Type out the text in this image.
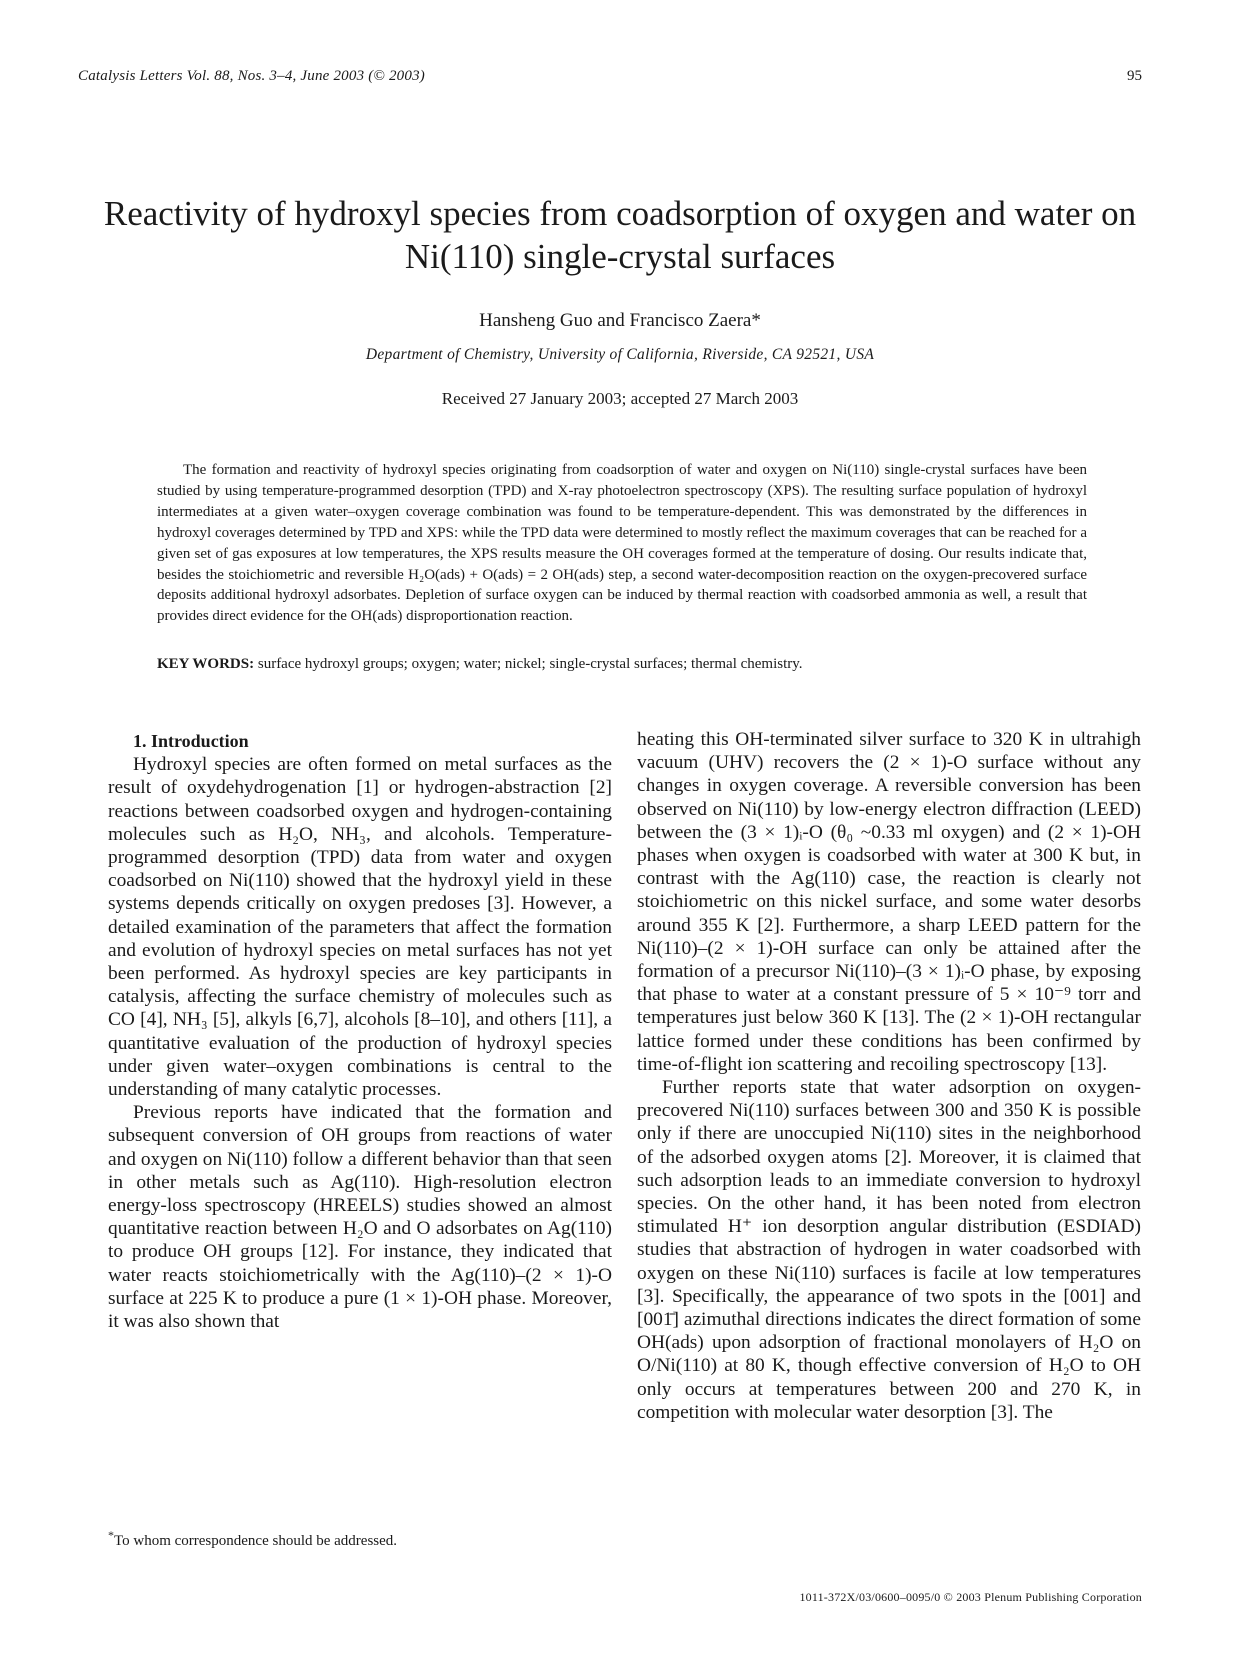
Catalysis Letters Vol. 88, Nos. 3–4, June 2003 (© 2003)	95
Reactivity of hydroxyl species from coadsorption of oxygen and water on Ni(110) single-crystal surfaces
Hansheng Guo and Francisco Zaera*
Department of Chemistry, University of California, Riverside, CA 92521, USA
Received 27 January 2003; accepted 27 March 2003
The formation and reactivity of hydroxyl species originating from coadsorption of water and oxygen on Ni(110) single-crystal surfaces have been studied by using temperature-programmed desorption (TPD) and X-ray photoelectron spectroscopy (XPS). The resulting surface population of hydroxyl intermediates at a given water–oxygen coverage combination was found to be temperature-dependent. This was demonstrated by the differences in hydroxyl coverages determined by TPD and XPS: while the TPD data were determined to mostly reflect the maximum coverages that can be reached for a given set of gas exposures at low temperatures, the XPS results measure the OH coverages formed at the temperature of dosing. Our results indicate that, besides the stoichiometric and reversible H₂O(ads) + O(ads) = 2 OH(ads) step, a second water-decomposition reaction on the oxygen-precovered surface deposits additional hydroxyl adsorbates. Depletion of surface oxygen can be induced by thermal reaction with coadsorbed ammonia as well, a result that provides direct evidence for the OH(ads) disproportionation reaction.
KEY WORDS: surface hydroxyl groups; oxygen; water; nickel; single-crystal surfaces; thermal chemistry.

1. Introduction

Hydroxyl species are often formed on metal surfaces as the result of oxydehydrogenation [1] or hydrogen-abstraction [2] reactions between coadsorbed oxygen and hydrogen-containing molecules such as H₂O, NH₃, and alcohols. Temperature-programmed desorption (TPD) data from water and oxygen coadsorbed on Ni(110) showed that the hydroxyl yield in these systems depends critically on oxygen predoses [3]. However, a detailed examination of the parameters that affect the formation and evolution of hydroxyl species on metal surfaces has not yet been performed. As hydroxyl species are key participants in catalysis, affecting the surface chemistry of molecules such as CO [4], NH₃ [5], alkyls [6,7], alcohols [8–10], and others [11], a quantitative evaluation of the production of hydroxyl species under given water–oxygen combinations is central to the understanding of many catalytic processes.

Previous reports have indicated that the formation and subsequent conversion of OH groups from reactions of water and oxygen on Ni(110) follow a different behavior than that seen in other metals such as Ag(110). High-resolution electron energy-loss spectroscopy (HREELS) studies showed an almost quantitative reaction between H₂O and O adsorbates on Ag(110) to produce OH groups [12]. For instance, they indicated that water reacts stoichiometrically with the Ag(110)–(2 × 1)-O surface at 225 K to produce a pure (1 × 1)-OH phase. Moreover, it was also shown that

heating this OH-terminated silver surface to 320 K in ultrahigh vacuum (UHV) recovers the (2 × 1)-O surface without any changes in oxygen coverage. A reversible conversion has been observed on Ni(110) by low-energy electron diffraction (LEED) between the (3 × 1)ᵢ-O (θ₀ ~0.33 ml oxygen) and (2 × 1)-OH phases when oxygen is coadsorbed with water at 300 K but, in contrast with the Ag(110) case, the reaction is clearly not stoichiometric on this nickel surface, and some water desorbs around 355 K [2]. Furthermore, a sharp LEED pattern for the Ni(110)–(2 × 1)-OH surface can only be attained after the formation of a precursor Ni(110)–(3 × 1)ᵢ-O phase, by exposing that phase to water at a constant pressure of 5 × 10⁻⁹ torr and temperatures just below 360 K [13]. The (2 × 1)-OH rectangular lattice formed under these conditions has been confirmed by time-of-flight ion scattering and recoiling spectroscopy [13].

Further reports state that water adsorption on oxygen-precovered Ni(110) surfaces between 300 and 350 K is possible only if there are unoccupied Ni(110) sites in the neighborhood of the adsorbed oxygen atoms [2]. Moreover, it is claimed that such adsorption leads to an immediate conversion to hydroxyl species. On the other hand, it has been noted from electron stimulated H⁺ ion desorption angular distribution (ESDIAD) studies that abstraction of hydrogen in water coadsorbed with oxygen on these Ni(110) surfaces is facile at low temperatures [3]. Specifically, the appearance of two spots in the [001] and [001̄] azimuthal directions indicates the direct formation of some OH(ads) upon adsorption of fractional monolayers of H₂O on O/Ni(110) at 80 K, though effective conversion of H₂O to OH only occurs at temperatures between 200 and 270 K, in competition with molecular water desorption [3]. The

*To whom correspondence should be addressed.
1011-372X/03/0600–0095/0 © 2003 Plenum Publishing Corporation
